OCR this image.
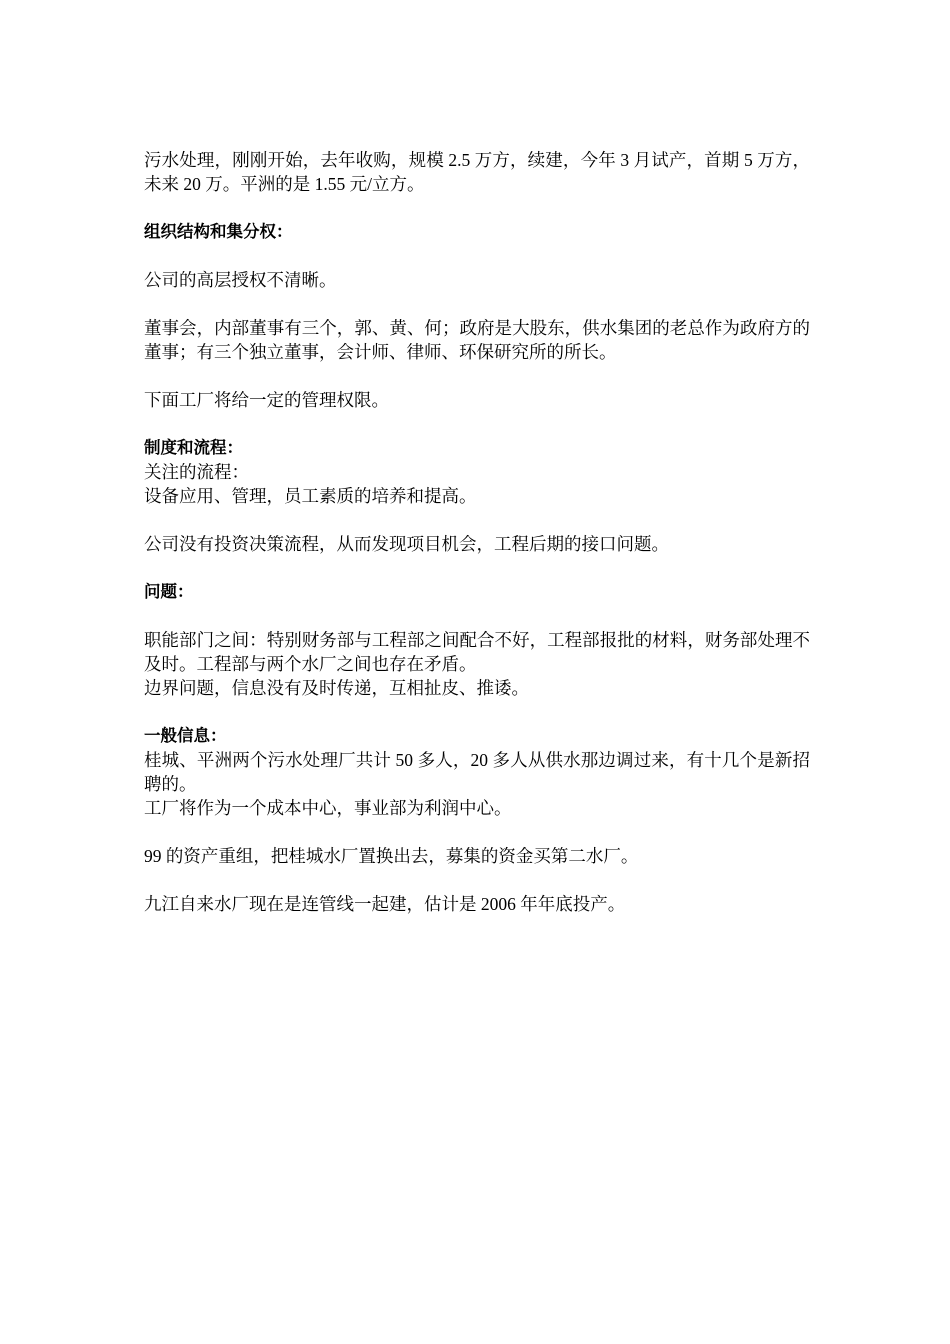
污水处理，刚刚开始，去年收购，规模 2.5 万方，续建，今年 3 月试产，首期 5 万方，未来 20 万。平洲的是 1.55 元/立方。
组织结构和集分权：
公司的高层授权不清晰。
董事会，内部董事有三个，郭、黄、何；政府是大股东，供水集团的老总作为政府方的董事；有三个独立董事，会计师、律师、环保研究所的所长。
下面工厂将给一定的管理权限。
制度和流程：
关注的流程：
设备应用、管理，员工素质的培养和提高。
公司没有投资决策流程，从而发现项目机会，工程后期的接口问题。
问题：
职能部门之间：特别财务部与工程部之间配合不好，工程部报批的材料，财务部处理不及时。工程部与两个水厂之间也存在矛盾。
边界问题，信息没有及时传递，互相扯皮、推诿。
一般信息：
桂城、平洲两个污水处理厂共计 50 多人，20 多人从供水那边调过来，有十几个是新招聘的。
工厂将作为一个成本中心，事业部为利润中心。
99 的资产重组，把桂城水厂置换出去，募集的资金买第二水厂。
九江自来水厂现在是连管线一起建，估计是 2006 年年底投产。
